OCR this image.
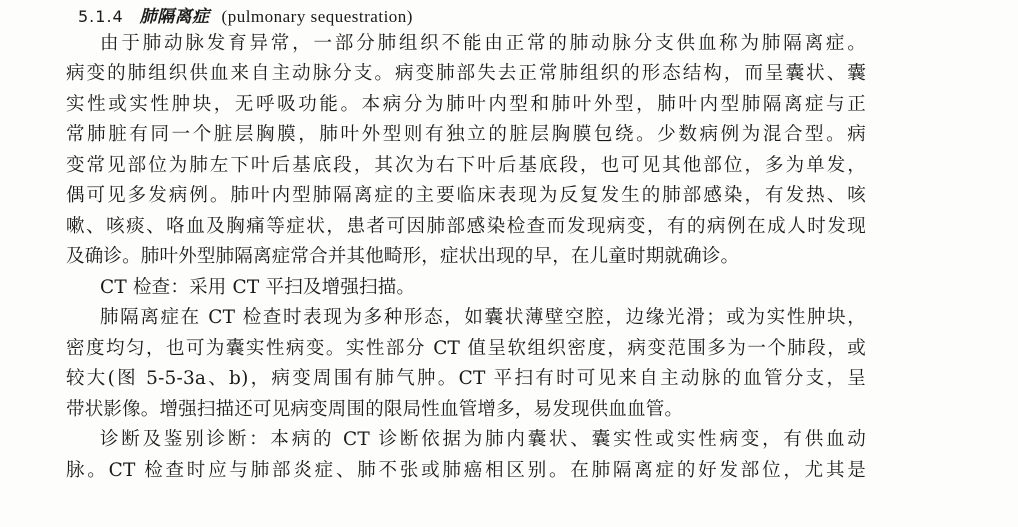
5.1.4 肺隔离症 (pulmonary sequestration)
由于肺动脉发育异常，一部分肺组织不能由正常的肺动脉分支供血称为肺隔离症。
病变的肺组织供血来自主动脉分支。病变肺部失去正常肺组织的形态结构，而呈囊状、囊
实性或实性肿块，无呼吸功能。本病分为肺叶内型和肺叶外型，肺叶内型肺隔离症与正
常肺脏有同一个脏层胸膜，肺叶外型则有独立的脏层胸膜包绕。少数病例为混合型。病
变常见部位为肺左下叶后基底段，其次为右下叶后基底段，也可见其他部位，多为单发，
偶可见多发病例。肺叶内型肺隔离症的主要临床表现为反复发生的肺部感染，有发热、咳
嗽、咳痰、咯血及胸痛等症状，患者可因肺部感染检查而发现病变，有的病例在成人时发现
及确诊。肺叶外型肺隔离症常合并其他畸形，症状出现的早，在儿童时期就确诊。
CT 检查：采用 CT 平扫及增强扫描。
肺隔离症在 CT 检查时表现为多种形态，如囊状薄壁空腔，边缘光滑；或为实性肿块，
密度均匀，也可为囊实性病变。实性部分 CT 值呈软组织密度，病变范围多为一个肺段，或
较大(图 5-5-3a、b)，病变周围有肺气肿。CT 平扫有时可见来自主动脉的血管分支，呈
带状影像。增强扫描还可见病变周围的限局性血管增多，易发现供血血管。
诊断及鉴别诊断：本病的 CT 诊断依据为肺内囊状、囊实性或实性病变，有供血动
脉。CT 检查时应与肺部炎症、肺不张或肺癌相区别。在肺隔离症的好发部位，尤其是
